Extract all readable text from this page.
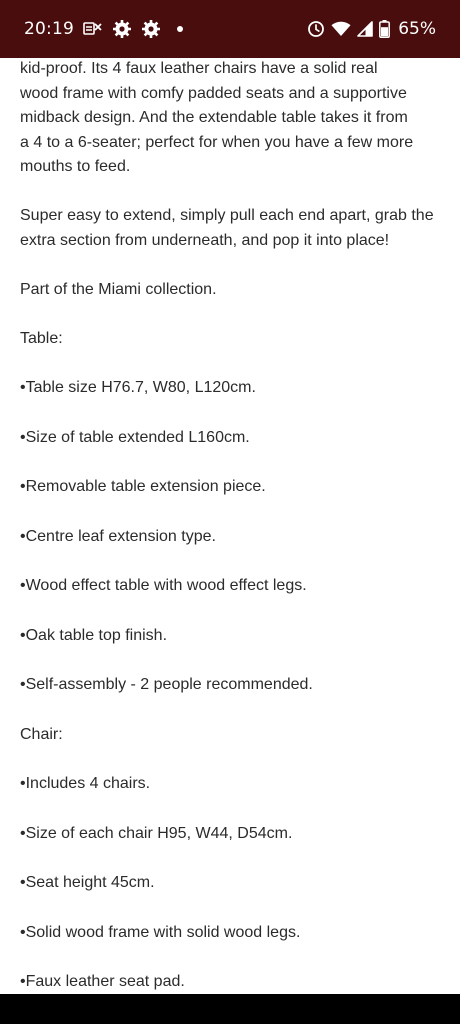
20:19	65%

kid-proof. Its 4 faux leather chairs have a solid real
wood frame with comfy padded seats and a supportive
midback design. And the extendable table takes it from
a 4 to a 6-seater; perfect for when you have a few more
mouths to feed.

Super easy to extend, simply pull each end apart, grab the
extra section from underneath, and pop it into place!

Part of the Miami collection.

Table:

•Table size H76.7, W80, L120cm.

•Size of table extended L160cm.

•Removable table extension piece.

•Centre leaf extension type.

•Wood effect table with wood effect legs.

•Oak table top finish.

•Self-assembly - 2 people recommended.

Chair:

•Includes 4 chairs.

•Size of each chair H95, W44, D54cm.

•Seat height 45cm.

•Solid wood frame with solid wood legs.

•Faux leather seat pad.
